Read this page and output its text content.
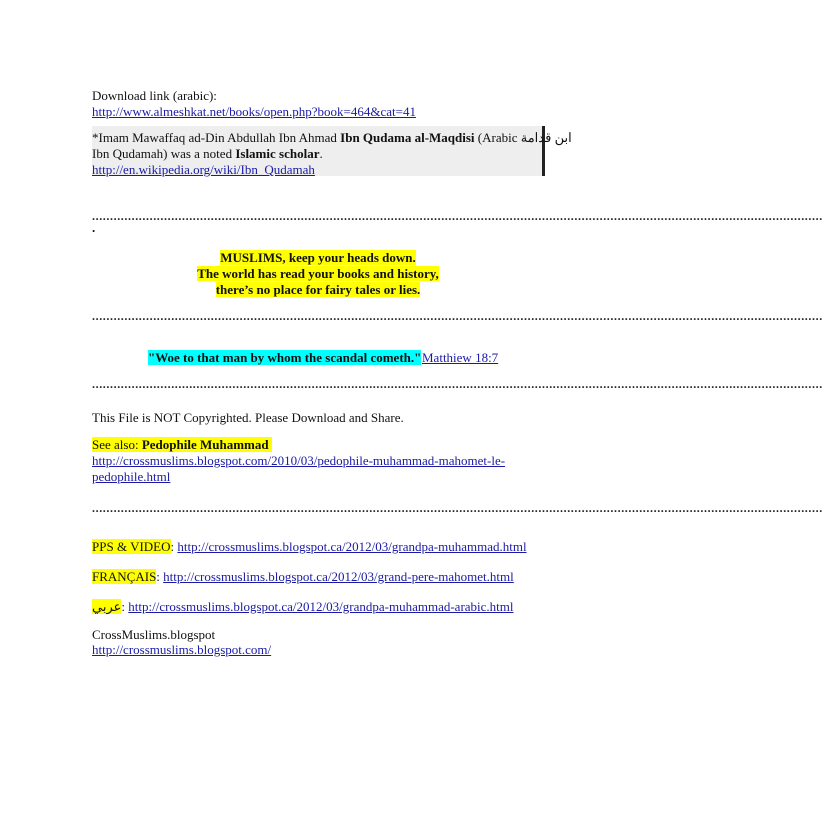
Download link (arabic):
http://www.almeshkat.net/books/open.php?book=464&cat=41
*Imam Mawaffaq ad-Din Abdullah Ibn Ahmad Ibn Qudama al-Maqdisi (Arabic ابن قدامة
Ibn Qudamah) was a noted Islamic scholar.
http://en.wikipedia.org/wiki/Ibn_Qudamah
...........................................................................................................................................................................................................
.
MUSLIMS, keep your heads down.
The world has read your books and history,
there’s no place for fairy tales or lies.
...........................................................................................................................................................................................................
"Woe to that man by whom the scandal cometh." Matthiew 18:7
...........................................................................................................................................................................................................
This File is NOT Copyrighted. Please Download and Share.
See also: Pedophile Muhammad
http://crossmuslims.blogspot.com/2010/03/pedophile-muhammad-mahomet-le-
pedophile.html
...........................................................................................................................................................................................................
PPS & VIDEO: http://crossmuslims.blogspot.ca/2012/03/grandpa-muhammad.html
FRANÇAIS: http://crossmuslims.blogspot.ca/2012/03/grand-pere-mahomet.html
عربي: http://crossmuslims.blogspot.ca/2012/03/grandpa-muhammad-arabic.html
CrossMuslims.blogspot
http://crossmuslims.blogspot.com/
